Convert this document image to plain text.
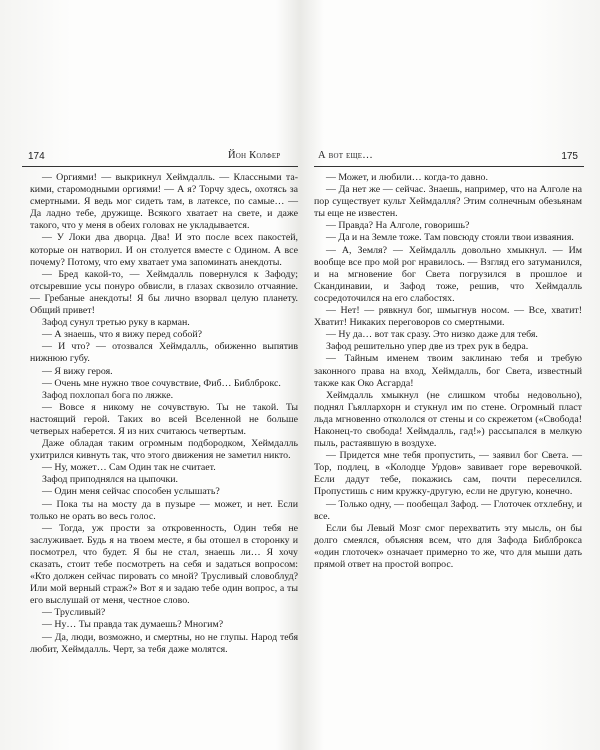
174	Йон Колфер

— Оргиями! — выкрикнул Хеймдалль. — Классными такими, старомодными оргиями! — А я? Торчу здесь, охотясь за смертными. Я ведь мог сидеть там, в латексе, по самые… — Да ладно тебе, дружище. Всякого хватает на свете, и даже такого, что у меня в обеих головах не укладывается.

— У Локи два дворца. Два! И это после всех пакостей, которые он натворил. И он столуется вместе с Одином. А все почему? Потому, что ему хватает ума запоминать анекдоты.

— Бред какой-то, — Хеймдалль повернулся к Зафоду; отсыревшие усы понуро обвисли, в глазах сквозило отчаяние. — Гребаные анекдоты! Я бы лично взорвал целую планету. Общий привет!

Зафод сунул третью руку в карман.

— А знаешь, что я вижу перед собой?

— И что? — отозвался Хеймдалль, обиженно выпятив нижнюю губу.

— Я вижу героя.

— Очень мне нужно твое сочувствие, Фиб… Библброкс.

Зафод похлопал бога по ляжке.

— Вовсе я никому не сочувствую. Ты не такой. Ты настоящий герой. Таких во всей Вселенной не больше четверых наберется. Я из них считаюсь четвертым.

Даже обладая таким огромным подбородком, Хеймдалль ухитрился кивнуть так, что этого движения не заметил никто.

— Ну, может… Сам Один так не считает.

Зафод приподнялся на цыпочки.

— Один меня сейчас способен услышать?

— Пока ты на мосту да в пузыре — может, и нет. Если только не орать во весь голос.

— Тогда, уж прости за откровенность, Один тебя не заслуживает. Будь я на твоем месте, я бы отошел в сторонку и посмотрел, что будет. Я бы не стал, знаешь ли… Я хочу сказать, стоит тебе посмотреть на себя и задаться вопросом: «Кто должен сейчас пировать со мной? Трусливый словоблуд? Или мой верный страж?» Вот я и задаю тебе один вопрос, а ты его выслушай от меня, честное слово.

— Трусливый?

— Ну… Ты правда так думаешь? Многим?

— Да, люди, возможно, и смертны, но не глупы. Народ тебя любит, Хеймдалль. Черт, за тебя даже молятся.

А вот еще…	175

— Может, и любили… когда-то давно.

— Да нет же — сейчас. Знаешь, например, что на Алголе на пор существует культ Хеймдалля? Этим солнечным обезьянам ты еще не известен.

— Правда? На Алголе, говоришь?

— Да и на Земле тоже. Там повсюду стояли твои изваяния.

— А, Земля? — Хеймдалль довольно хмыкнул. — Им вообще все про мой рог нравилось. — Взгляд его затуманился, и на мгновение бог Света погрузился в прошлое и Скандинавии, и Зафод тоже, решив, что Хеймдалль сосредоточился на его слабостях.

— Нет! — рявкнул бог, шмыгнув носом. — Все, хватит! Хватит! Никаких переговоров со смертными.

— Ну да… вот так сразу. Это низко даже для тебя.

Зафод решительно упер две из трех рук в бедра.

— Тайным именем твоим заклинаю тебя и требую законного права на вход, Хеймдалль, бог Света, известный также как Око Асгарда!

Хеймдалль хмыкнул (не слишком чтобы недовольно), поднял Гьяллархорн и стукнул им по стене. Огромный пласт льда мгновенно откололся от стены и со скрежетом («Свобода! Наконец-то свобода! Хеймдалль, гад!») рассыпался в мелкую пыль, растаявшую в воздухе.

— Придется мне тебя пропустить, — заявил бог Света. — Тор, подлец, в «Колодце Урдов» завивает горе веревочкой. Если дадут тебе, покажись сам, почти переселился. Пропустишь с ним кружку-другую, если не другую, конечно.

— Только одну, — пообещал Зафод. — Глоточек отхлебну, и все.

Если бы Левый Мозг смог перехватить эту мысль, он бы долго смеялся, объясняя всем, что для Зафода Библброкса «один глоточек» означает примерно то же, что для мыши дать прямой ответ на простой вопрос.
